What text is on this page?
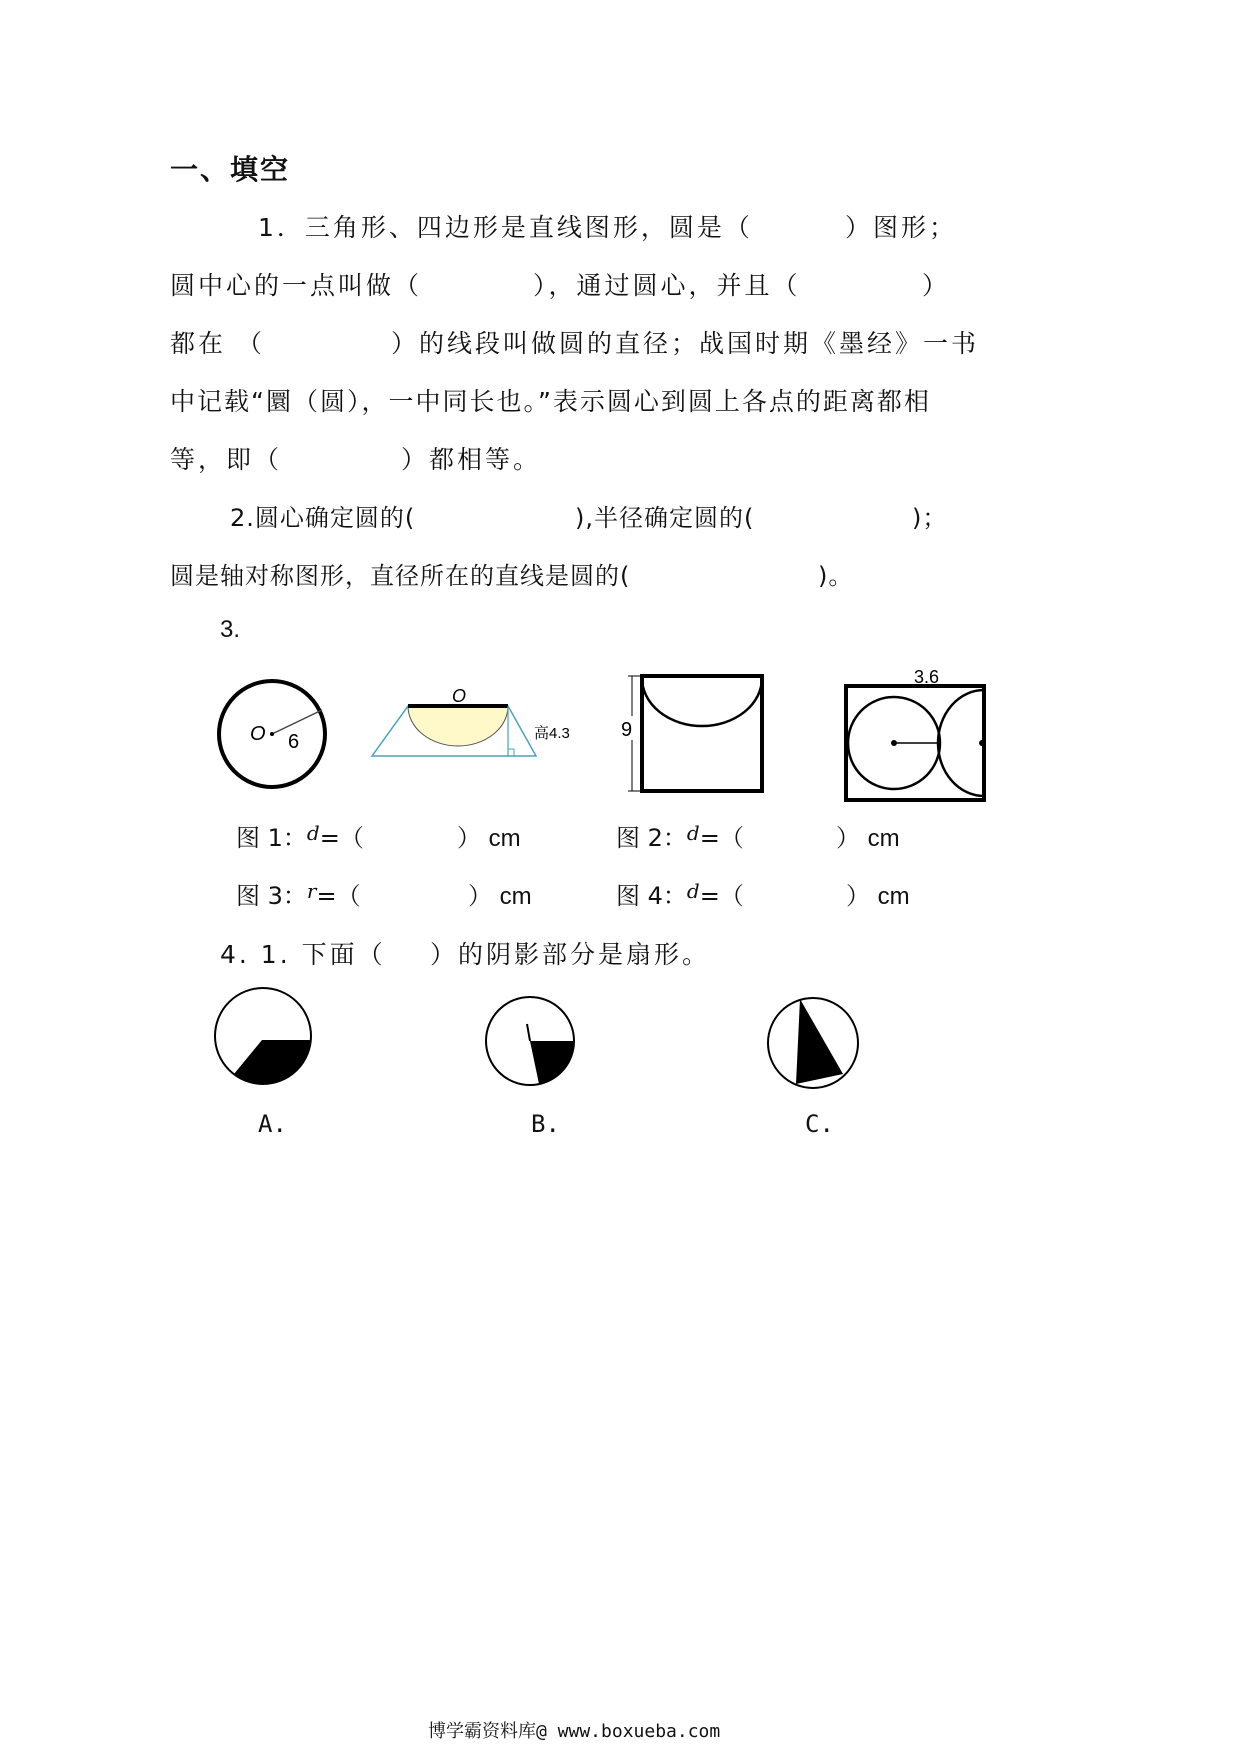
一、填空
1．三角形、四边形是直线图形，圆是（	）图形；
圆中心的一点叫做（	），通过圆心，并且（	）
都在 （	）的线段叫做圆的直径；战国时期《墨经》一书
中记载“圜（圆），一中同长也。”表示圆心到圆上各点的距离都相
等，即（	）都相等。
2.圆心确定圆的(	),半径确定圆的(	)；
圆是轴对称图形，直径所在的直线是圆的(	)。
3.
O 6
O
高4.3	9
3.6
图 1：$^d$=（	） cm	图 2：$^d$=（	） cm
图 3：$^r$=（	） cm	图 4：$^d$=（	） cm
4. 1. 下面（ ）的阴影部分是扇形。
A.	B.	C.
博学霸资料库@ www.boxueba.com
